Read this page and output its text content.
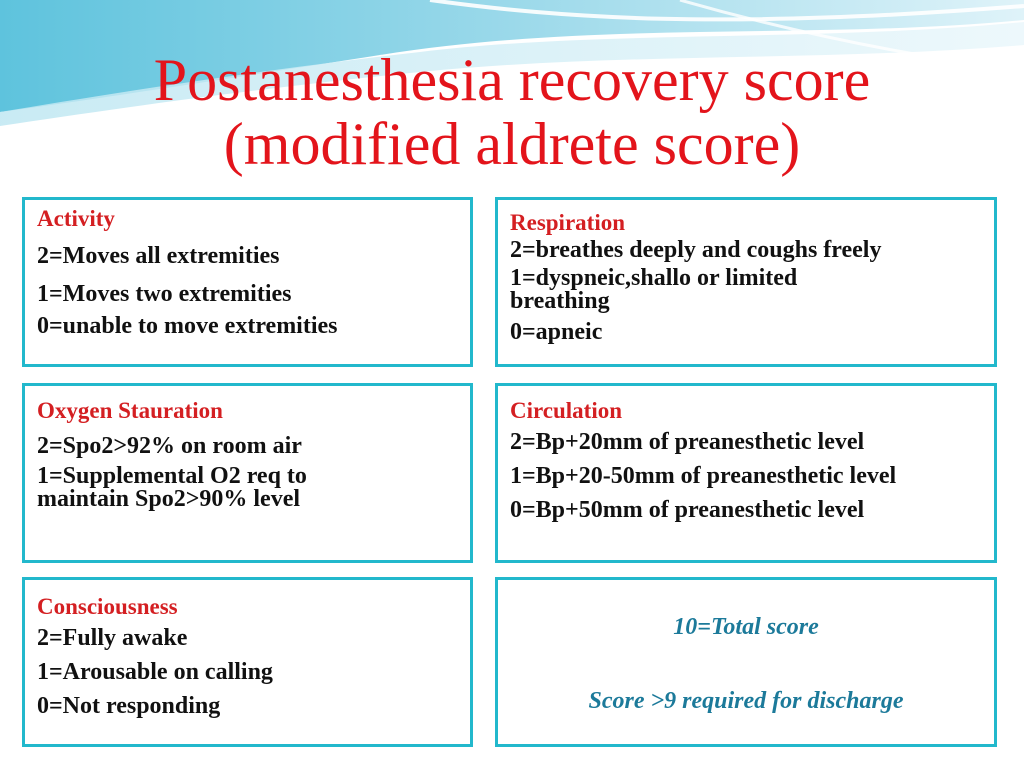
Postanesthesia recovery score
(modified aldrete score)
Activity
2=Moves all extremities
1=Moves two extremities
0=unable to move extremities
Respiration
2=breathes deeply and coughs freely
1=dyspneic,shallo or limited
breathing
0=apneic
Oxygen Stauration
2=Spo2>92% on room air
1=Supplemental O2 req to
maintain Spo2>90% level
Circulation
2=Bp+20mm of preanesthetic level
1=Bp+20-50mm of preanesthetic level
0=Bp+50mm of preanesthetic level
Consciousness
2=Fully awake
1=Arousable on calling
0=Not responding
10=Total score
Score >9 required for discharge
